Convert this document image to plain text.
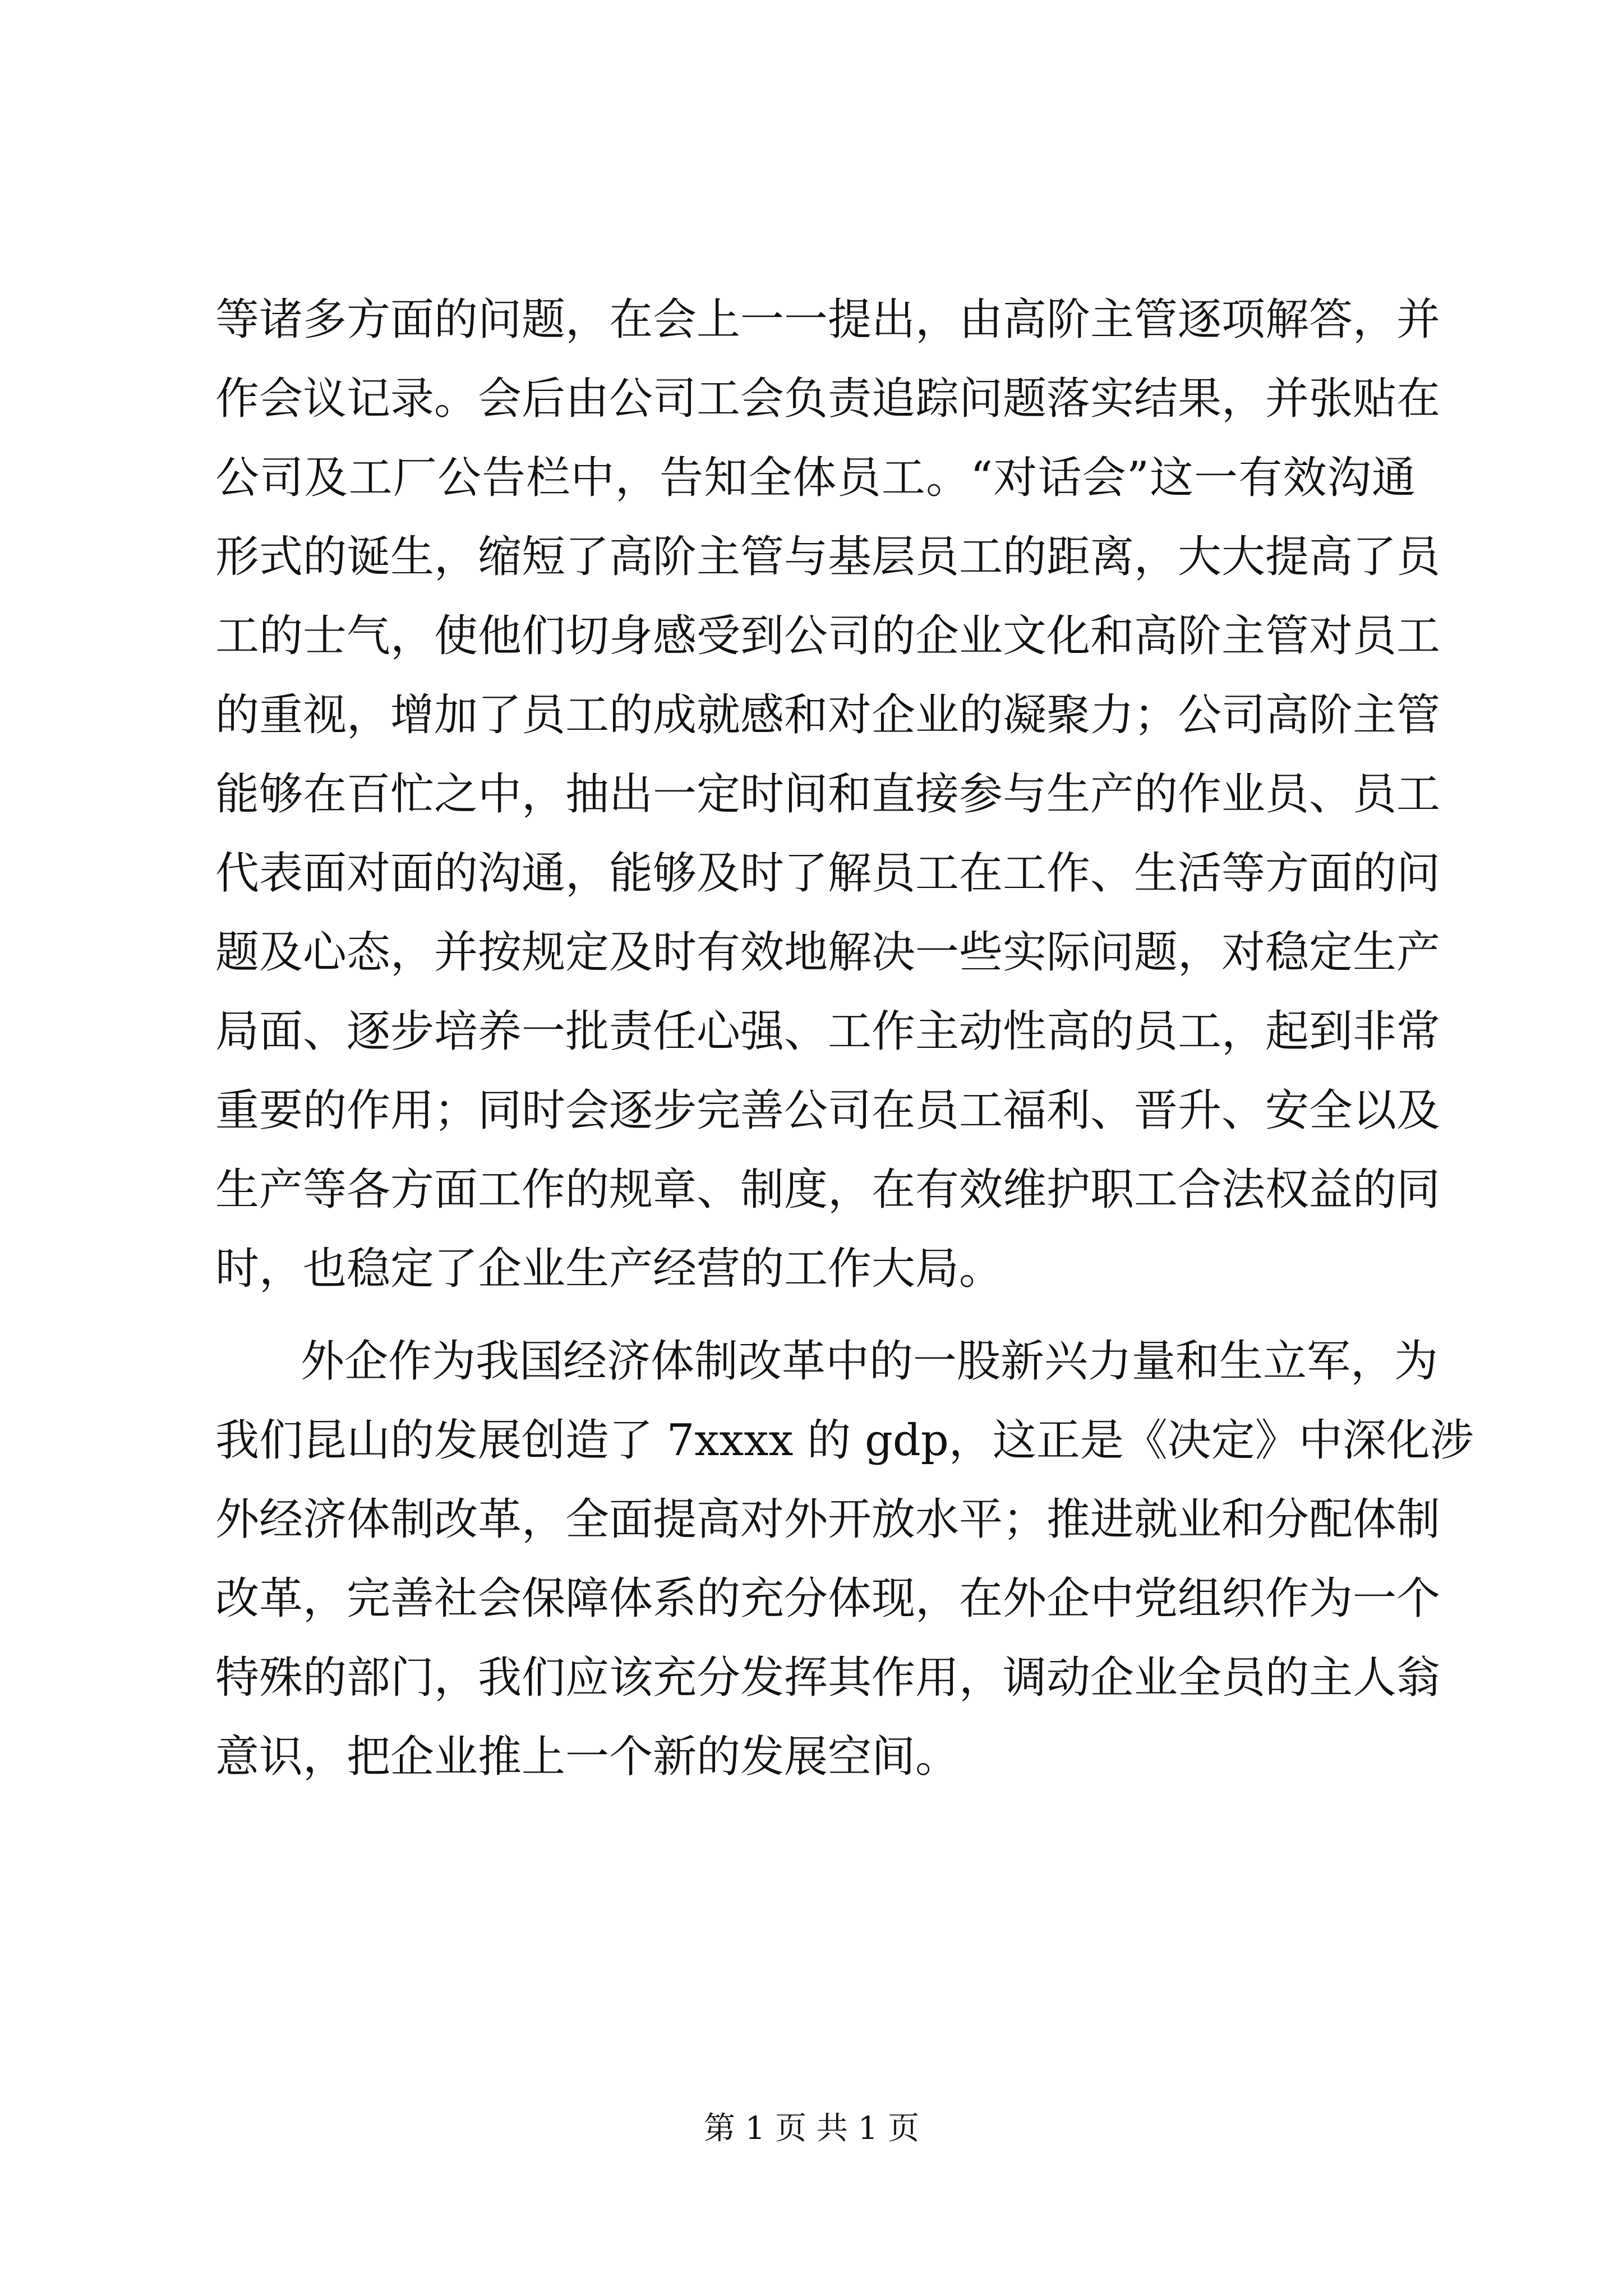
等诸多方面的问题，在会上一一提出，由高阶主管逐项解答，并
作会议记录。会后由公司工会负责追踪问题落实结果，并张贴在
公司及工厂公告栏中，告知全体员工。“对话会”这一有效沟通
形式的诞生，缩短了高阶主管与基层员工的距离，大大提高了员
工的士气，使他们切身感受到公司的企业文化和高阶主管对员工
的重视，增加了员工的成就感和对企业的凝聚力；公司高阶主管
能够在百忙之中，抽出一定时间和直接参与生产的作业员、员工
代表面对面的沟通，能够及时了解员工在工作、生活等方面的问
题及心态，并按规定及时有效地解决一些实际问题，对稳定生产
局面、逐步培养一批责任心强、工作主动性高的员工，起到非常
重要的作用；同时会逐步完善公司在员工福利、晋升、安全以及
生产等各方面工作的规章、制度，在有效维护职工合法权益的同
时，也稳定了企业生产经营的工作大局。
外企作为我国经济体制改革中的一股新兴力量和生立军，为
我们昆山的发展创造了 7xxxx 的 gdp，这正是《决定》中深化涉
外经济体制改革，全面提高对外开放水平；推进就业和分配体制
改革，完善社会保障体系的充分体现，在外企中党组织作为一个
特殊的部门，我们应该充分发挥其作用，调动企业全员的主人翁
意识，把企业推上一个新的发展空间。
第 1 页 共 1 页
